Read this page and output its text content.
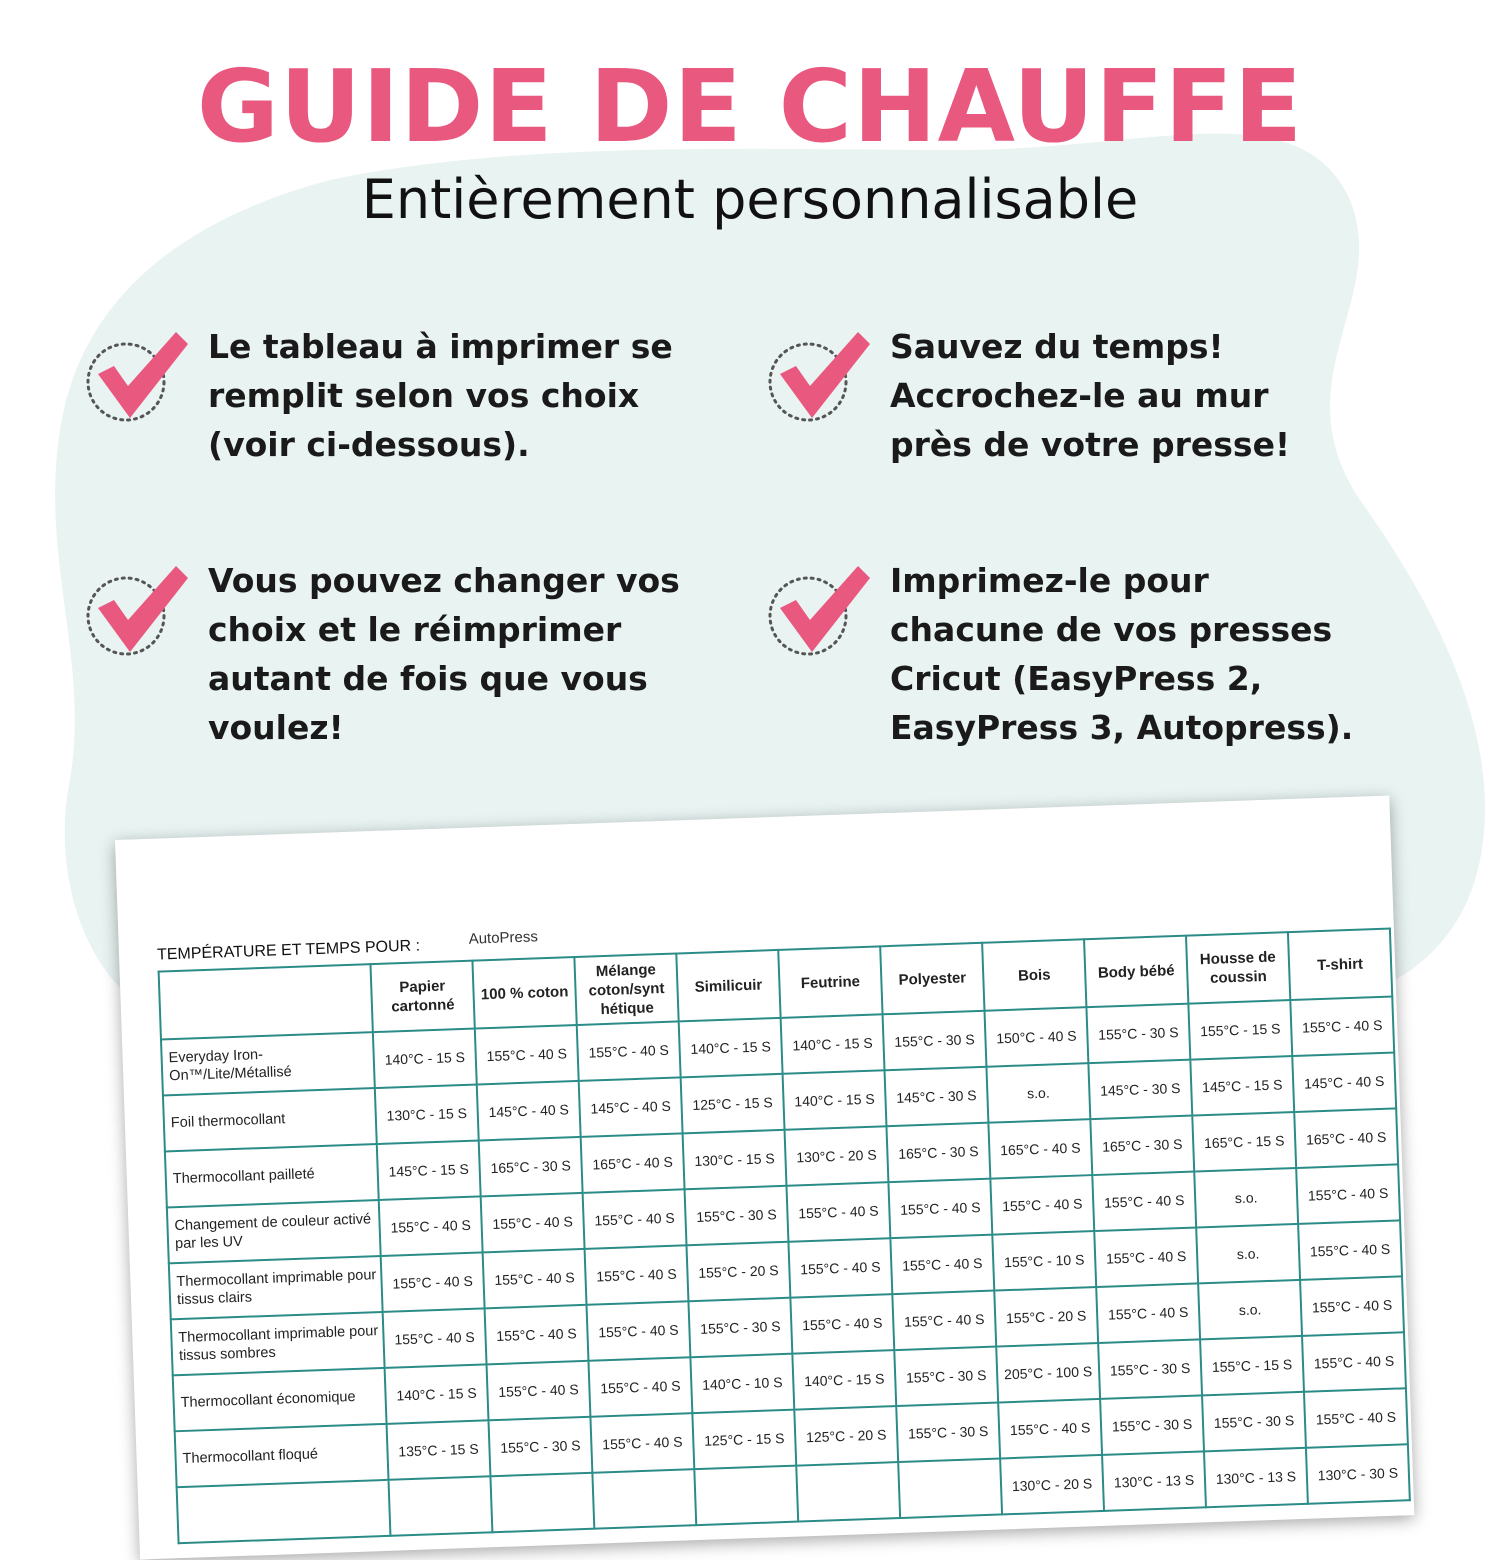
GUIDE DE CHAUFFE

Entièrement personnalisable

Le tableau à imprimer se remplit selon vos choix (voir ci-dessous).
Sauvez du temps! Accrochez-le au mur près de votre presse!
Vous pouvez changer vos choix et le réimprimer autant de fois que vous voulez!
Imprimez-le pour chacune de vos presses Cricut (EasyPress 2, EasyPress 3, Autopress).
TEMPÉRATURE ET TEMPS POUR :	AutoPress
	Papier cartonné	100 % coton	Mélange coton/synt hétique	Similicuir	Feutrine	Polyester	Bois	Body bébé	Housse de coussin	T-shirt
Everyday Iron-On™/Lite/Métallisé	140°C - 15 S	155°C - 40 S	155°C - 40 S	140°C - 15 S	140°C - 15 S	155°C - 30 S	150°C - 40 S	155°C - 30 S	155°C - 15 S	155°C - 40 S
Foil thermocollant	130°C - 15 S	145°C - 40 S	145°C - 40 S	125°C - 15 S	140°C - 15 S	145°C - 30 S	s.o.	145°C - 30 S	145°C - 15 S	145°C - 40 S
Thermocollant pailleté	145°C - 15 S	165°C - 30 S	165°C - 40 S	130°C - 15 S	130°C - 20 S	165°C - 30 S	165°C - 40 S	165°C - 30 S	165°C - 15 S	165°C - 40 S
Changement de couleur activé par les UV	155°C - 40 S	155°C - 40 S	155°C - 40 S	155°C - 30 S	155°C - 40 S	155°C - 40 S	155°C - 40 S	155°C - 40 S	s.o.	155°C - 40 S
Thermocollant imprimable pour tissus clairs	155°C - 40 S	155°C - 40 S	155°C - 40 S	155°C - 20 S	155°C - 40 S	155°C - 40 S	155°C - 10 S	155°C - 40 S	s.o.	155°C - 40 S
Thermocollant imprimable pour tissus sombres	155°C - 40 S	155°C - 40 S	155°C - 40 S	155°C - 30 S	155°C - 40 S	155°C - 40 S	155°C - 20 S	155°C - 40 S	s.o.	155°C - 40 S
Thermocollant économique	140°C - 15 S	155°C - 40 S	155°C - 40 S	140°C - 10 S	140°C - 15 S	155°C - 30 S	205°C - 100 S	155°C - 30 S	155°C - 15 S	155°C - 40 S
Thermocollant floqué	135°C - 15 S	155°C - 30 S	155°C - 40 S	125°C - 15 S	125°C - 20 S	155°C - 30 S	155°C - 40 S	155°C - 30 S	155°C - 30 S	155°C - 40 S
							130°C - 20 S	130°C - 13 S	130°C - 13 S	130°C - 30 S
